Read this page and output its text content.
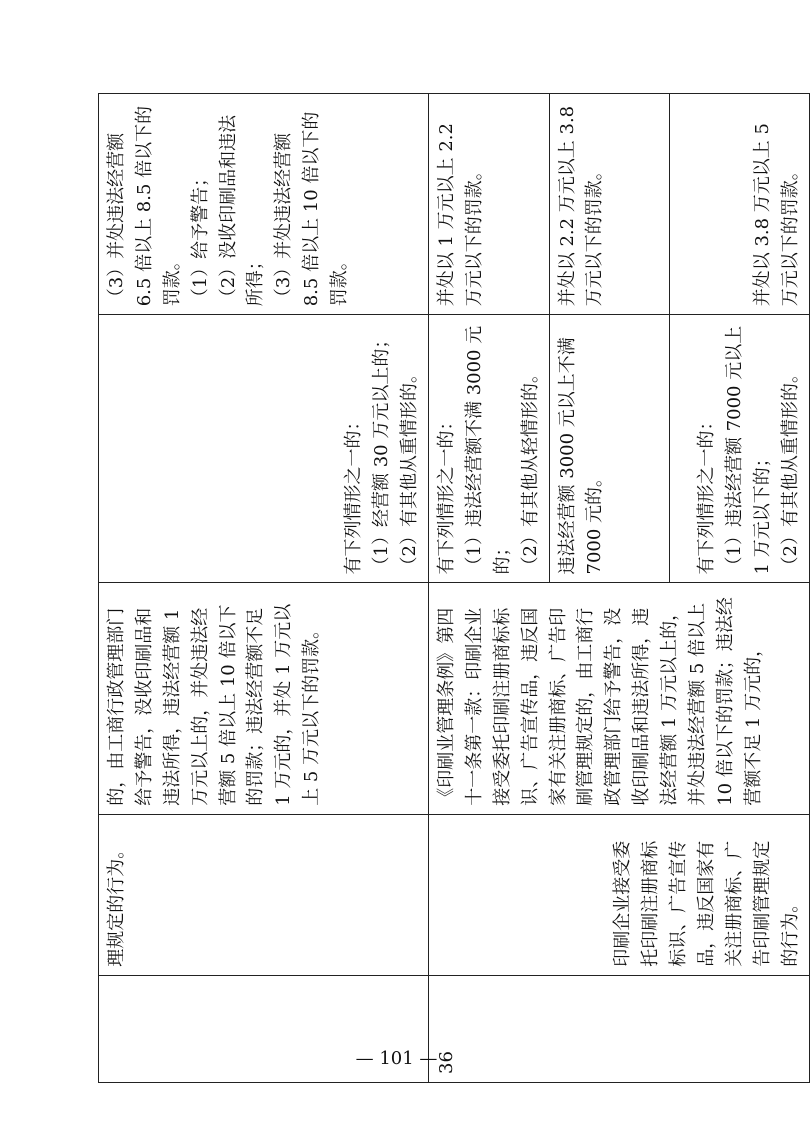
	理规定的行为。	的，由工商行政管理部门给予警告，没收印刷品和违法所得，违法经营额 1 万元以上的，并处违法经营额 5 倍以上 10 倍以下的罚款；违法经营额不足 1 万元的，并处 1 万元以上 5 万元以下的罚款。	有下列情形之一的： （1）经营额 30 万元以上的； （2）有其他从重情形的。	（3）并处违法经营额 6.5 倍以上 8.5 倍以下的罚款。 （1）给予警告； （2）没收印刷品和违法所得； （3）并处违法经营额 8.5 倍以上 10 倍以下的罚款。

36	印刷企业接受委托印刷注册商标标识、广告宣传品，违反国家有关注册商标、广告印刷管理规定的行为。	《印刷业管理条例》第四十一条第一款：印刷企业接受委托印刷注册商标标识、广告宣传品，违反国家有关注册商标、广告印刷管理规定的，由工商行政管理部门给予警告，没收印刷品和违法所得，违法经营额 1 万元以上的，并处违法经营额 5 倍以上 10 倍以下的罚款；违法经营额不足 1 万元的，	有下列情形之一的： （1）违法经营额不满 3000 元的； （2）有其他从轻情形的。	并处以 1 万元以上 2.2 万元以下的罚款。

			违法经营额 3000 元以上不满 7000 元的。	并处以 2.2 万元以上 3.8 万元以下的罚款。

			有下列情形之一的： （1）违法经营额 7000 元以上 1 万元以下的； （2）有其他从重情形的。	并处以 3.8 万元以上 5 万元以下的罚款。
— 101 —
